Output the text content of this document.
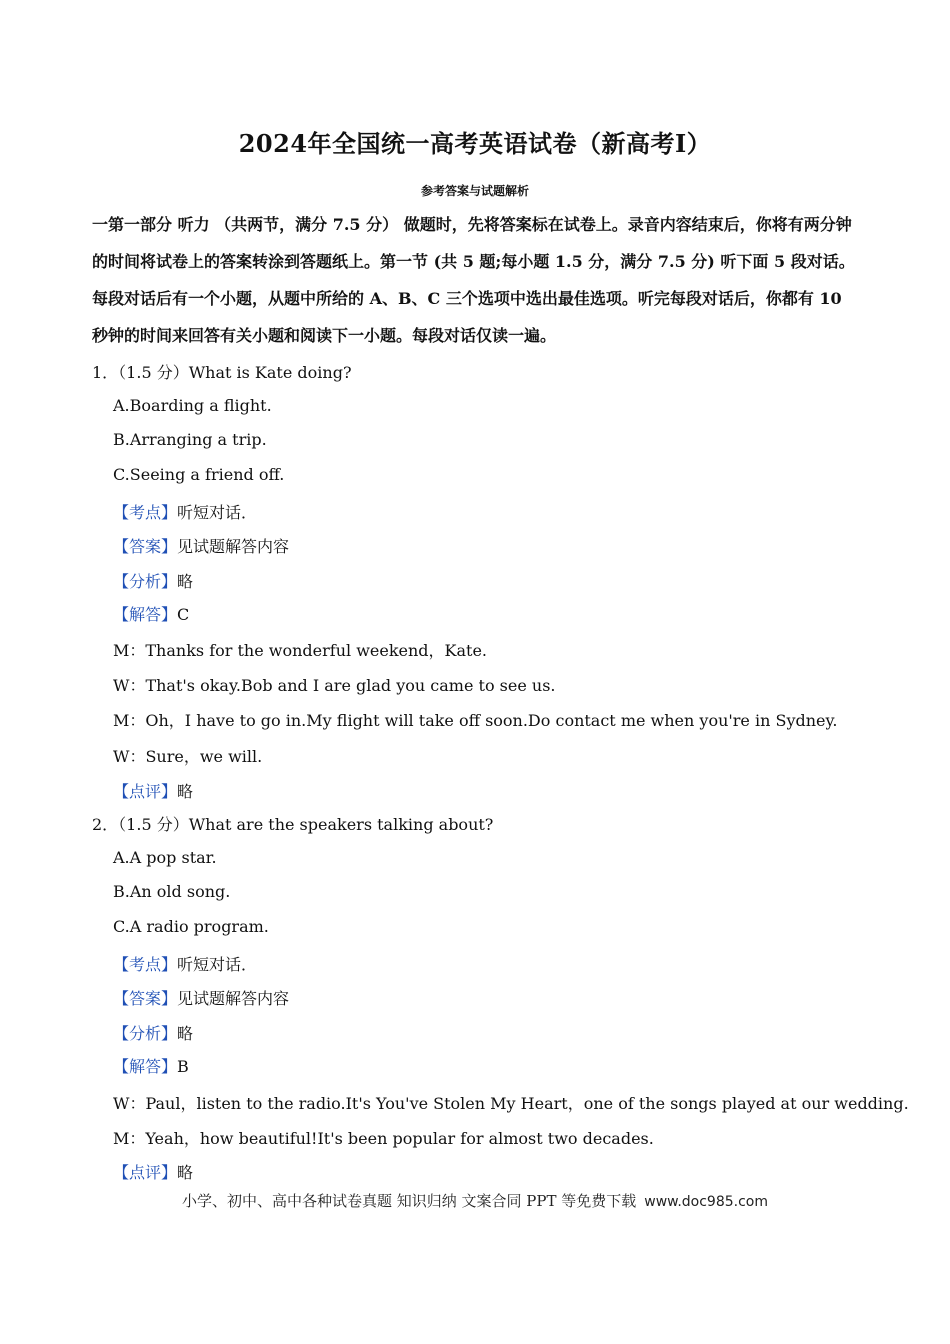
2024年全国统一高考英语试卷（新高考Ⅰ）
参考答案与试题解析
一第一部分 听力 （共两节，满分 7.5 分） 做题时，先将答案标在试卷上。录音内容结束后，你将有两分钟的时间将试卷上的答案转涂到答题纸上。第一节 (共 5 题;每小题 1.5 分，满分 7.5 分) 听下面 5 段对话。每段对话后有一个小题，从题中所给的 A、B、C 三个选项中选出最佳选项。听完每段对话后，你都有 10 秒钟的时间来回答有关小题和阅读下一小题。每段对话仅读一遍。
1．（1.5 分）What is Kate doing?
A.Boarding a flight.
B.Arranging a trip.
C.Seeing a friend off.
【考点】听短对话．
【答案】见试题解答内容
【分析】略
【解答】C
M：Thanks for the wonderful weekend，Kate.
W：That's okay.Bob and I are glad you came to see us.
M：Oh，I have to go in.My flight will take off soon.Do contact me when you're in Sydney.
W：Sure，we will.
【点评】略
2．（1.5 分）What are the speakers talking about?
A.A pop star.
B.An old song.
C.A radio program.
【考点】听短对话．
【答案】见试题解答内容
【分析】略
【解答】B
W：Paul，listen to the radio.It's You've Stolen My Heart，one of the songs played at our wedding.
M：Yeah，how beautiful!It's been popular for almost two decades.
【点评】略
小学、初中、高中各种试卷真题 知识归纳 文案合同 PPT 等免费下载 www.doc985.com
